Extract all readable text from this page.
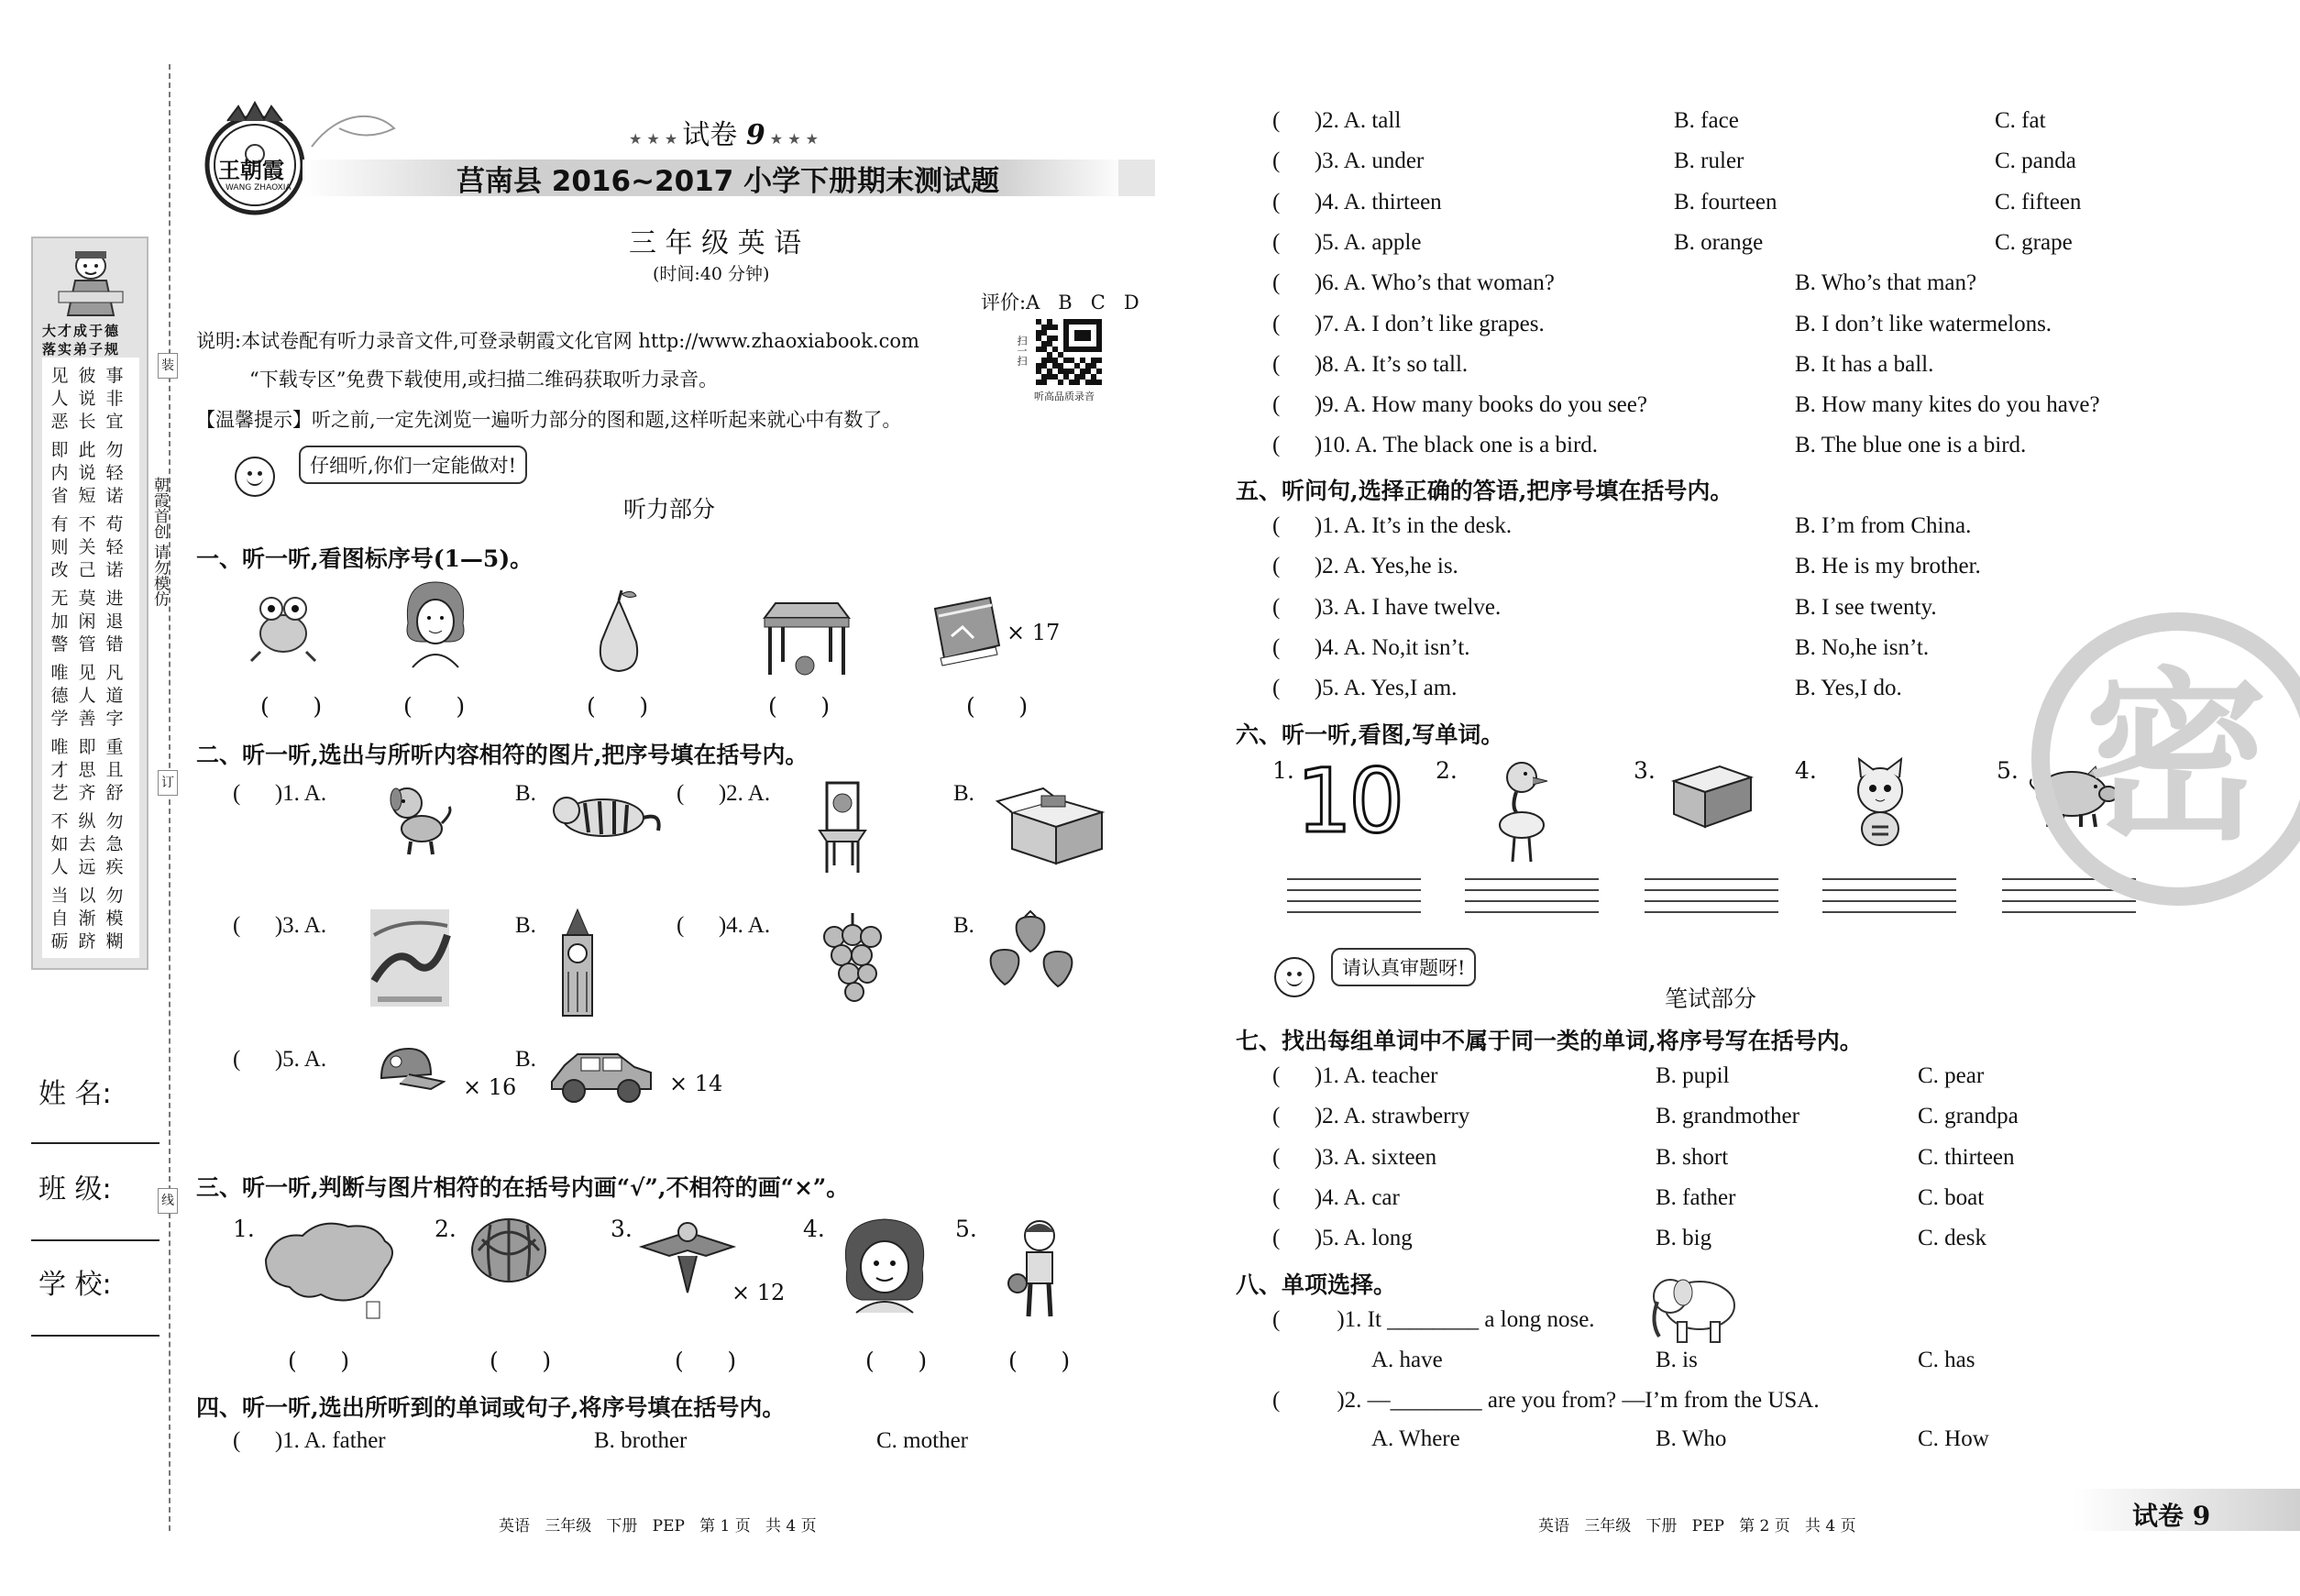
大才成于德
落实弟子规
见
人
恶彼
说
长事
非
宜
即
内
省此
说
短勿
轻
诺
有
则
改不
关
己苟
轻
诺
无
加
警莫
闲
管进
退
错
唯
德
学见
人
善凡
道
字
唯
才
艺即
思
齐重
且
舒
不
如
人纵
去
远勿
急
疾
当
自
砺以
渐
跻勿
模
糊
装
订
线
朝霞首创 请勿模仿
姓 名:
班 级:
学 校:
王朝霞
WANG ZHAOXIA
★ ★ ★ 试卷 9 ★ ★ ★
莒南县 2016~2017 小学下册期末测试题
三 年 级 英 语
(时间:40 分钟)
评价:A   B   C   D
说明:本试卷配有听力录音文件,可登录朝霞文化官网 http://www.zhaoxiabook.com
“下载专区”免费下载使用,或扫描二维码获取听力录音。
扫一扫
听高品质录音
【温馨提示】听之前,一定先浏览一遍听力部分的图和题,这样听起来就心中有数了。
仔细听,你们一定能做对!
听力部分
一、听一听,看图标序号(1—5)。
(      )	(      )	(      )	(      )	(      )
× 17
二、听一听,选出与所听内容相符的图片,把序号填在括号内。
(      )1. A.	B.	(      )2. A.	B.
(      )3. A.	B.	(      )4. A.	B.
(      )5. A.	B.
× 16	× 14
三、听一听,判断与图片相符的在括号内画“√”,不相符的画“×”。
1.
(      )
2.
(      )
3.
(      )
4.
(      )
5.
(      )
× 12
四、听一听,选出所听到的单词或句子,将序号填在括号内。
(      )1. A. father	B. brother	C. mother
(      )2. A. tall	B. face	C. fat
(      )3. A. under	B. ruler	C. panda
(      )4. A. thirteen	B. fourteen	C. fifteen
(      )5. A. apple	B. orange	C. grape
(      )6. A. Who’s that woman?	B. Who’s that man?
(      )7. A. I don’t like grapes.	B. I don’t like watermelons.
(      )8. A. It’s so tall.	B. It has a ball.
(      )9. A. How many books do you see?	B. How many kites do you have?
(      )10. A. The black one is a bird.	B. The blue one is a bird.
英语   三年级   下册   PEP   第 1 页   共 4 页
(      )1. A. It’s in the desk.	B. I’m from China.
(      )2. A. Yes,he is.	B. He is my brother.
(      )3. A. I have twelve.	B. I see twenty.
(      )4. A. No,it isn’t.	B. No,he isn’t.
(      )5. A. Yes,I am.	B. Yes,I do.
五、听问句,选择正确的答语,把序号填在括号内。
六、听一听,看图,写单词。
1. 10 2.	3.	4.	5.
请认真审题呀!
笔试部分
七、找出每组单词中不属于同一类的单词,将序号写在括号内。
(      )1. A. teacher	B. pupil	C. pear
(      )2. A. strawberry	B. grandmother	C. grandpa
(      )3. A. sixteen	B. short	C. thirteen
(      )4. A. car	B. father	C. boat
(      )5. A. long	B. big	C. desk
八、单项选择。
( )1. It ________ a long nose.
A. have	B. is	C. has
( )2. —________ are you from? —I’m from the USA.
A. Where	B. Who	C. How
英语   三年级   下册   PEP   第 2 页   共 4 页	试卷 9
密
